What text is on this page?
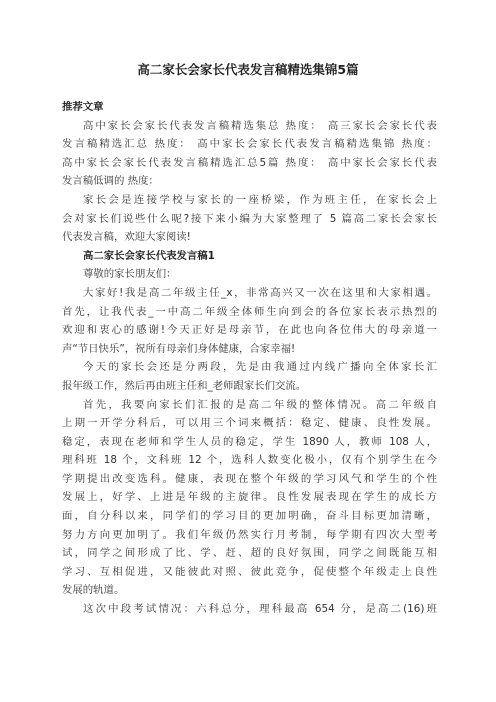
高二家长会家长代表发言稿精选集锦5篇
推荐文章
高中家长会家长代表发言稿精选集总 热度： 高三家长会家长代表
发言稿精选汇总 热度： 高中家长会家长代表发言稿精选集锦 热度：
高中家长会家长代表发言稿精选汇总5篇 热度： 高中家长会家长代表
发言稿低调的 热度：
家长会是连接学校与家长的一座桥梁，作为班主任，在家长会上
会对家长们说些什么呢?接下来小编为大家整理了 5 篇高二家长会家长
代表发言稿，欢迎大家阅读!
高二家长会家长代表发言稿1
尊敬的家长朋友们：
大家好!我是高二年级主任_x，非常高兴又一次在这里和大家相遇。
首先，让我代表_一中高二年级全体师生向到会的各位家长表示热烈的
欢迎和衷心的感谢!今天正好是母亲节，在此也向各位伟大的母亲道一
声“节日快乐”，祝所有母亲们身体健康，合家幸福!
今天的家长会还是分两段，先是由我通过内线广播向全体家长汇
报年级工作，然后再由班主任和_老师跟家长们交流。
首先，我要向家长们汇报的是高二年级的整体情况。高二年级自
上期一开学分科后，可以用三个词来概括：稳定、健康、良性发展。
稳定，表现在老师和学生人员的稳定，学生 1890 人，教师 108 人，
理科班 18 个，文科班 12 个，选科人数变化极小，仅有个别学生在今
学期提出改变选科。健康，表现在整个年级的学习风气和学生的个性
发展上，好学、上进是年级的主旋律。良性发展表现在学生的成长方
面，自分科以来，同学们的学习目的更加明确，奋斗目标更加清晰，
努力方向更加明了。我们年级仍然实行月考制，每学期有四次大型考
试，同学之间形成了比、学、赶、超的良好氛围，同学之间既能互相
学习、互相促进，又能彼此对照、彼此竞争，促使整个年级走上良性
发展的轨道。
这次中段考试情况：六科总分，理科最高 654 分，是高二(16)班
